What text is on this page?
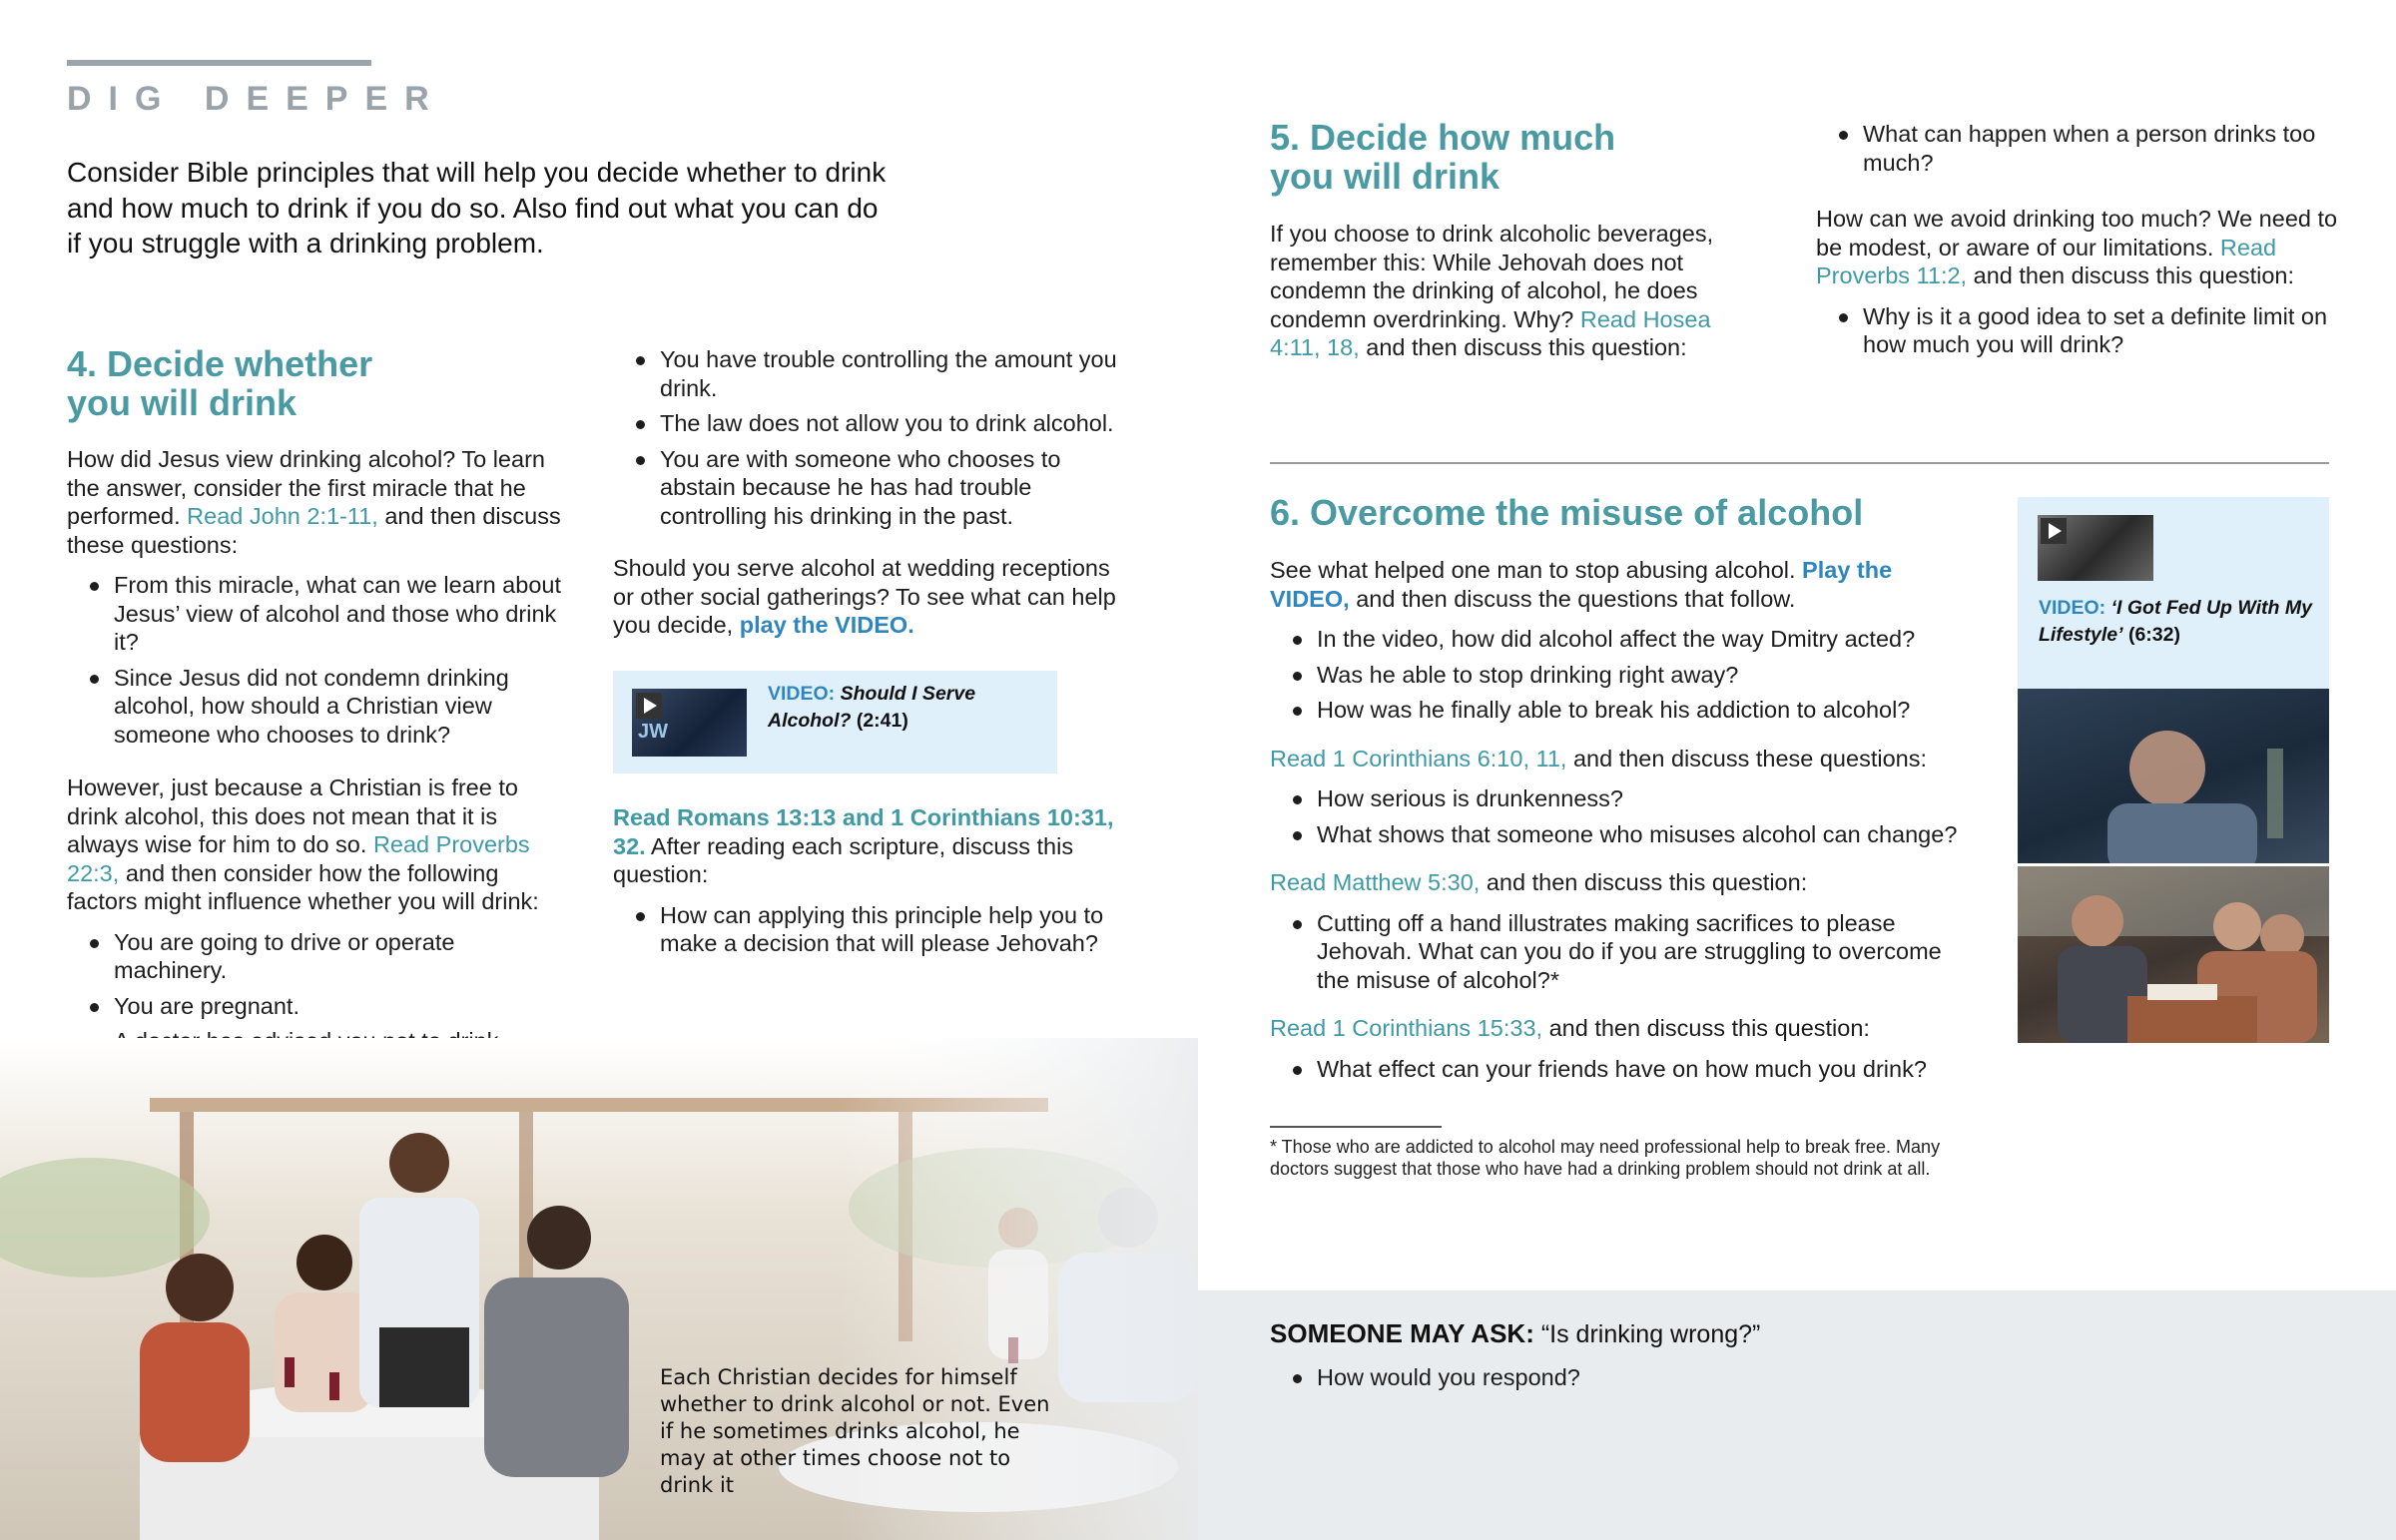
DIG DEEPER
Consider Bible principles that will help you decide whether to drink and how much to drink if you do so. Also find out what you can do if you struggle with a drinking problem.
4. Decide whether
you will drink

How did Jesus view drinking alcohol? To learn the answer, consider the first miracle that he performed. Read John 2:1-11, and then discuss these questions:

From this miracle, what can we learn about Jesus’ view of alcohol and those who drink it?
Since Jesus did not condemn drinking alcohol, how should a Christian view someone who chooses to drink?

However, just because a Christian is free to drink alcohol, this does not mean that it is always wise for him to do so. Read Proverbs 22:3, and then consider how the following factors might influence whether you will drink:

You are going to drive or operate machinery.
You are pregnant.
You have trouble controlling the amount you drink.
The law does not allow you to drink alcohol.
You are with someone who chooses to abstain because he has had trouble controlling his drinking in the past.

Should you serve alcohol at wedding receptions or other social gatherings? To see what can help you decide, play the VIDEO.

JW
VIDEO: Should I Serve Alcohol? (2:41)

Read Romans 13:13 and 1 Corinthians 10:31, 32. After reading each scripture, discuss this question:

How can applying this principle help you to make a decision that will please Jehovah?
Each Christian decides for himself whether to drink alcohol or not. Even if he sometimes drinks alcohol, he may at other times choose not to drink it
5. Decide how much
you will drink

If you choose to drink alcoholic beverages, remember this: While Jehovah does not condemn the drinking of alcohol, he does condemn overdrinking. Why? Read Hosea 4:11, 18, and then discuss this question:

What can happen when a person drinks too much?

How can we avoid drinking too much? We need to be modest, or aware of our limitations. Read Proverbs 11:2, and then discuss this question:

Why is it a good idea to set a definite limit on how much you will drink?
6. Overcome the misuse of alcohol

See what helped one man to stop abusing alcohol. Play the VIDEO, and then discuss the questions that follow.

In the video, how did alcohol affect the way Dmitry acted?
Was he able to stop drinking right away?
How was he finally able to break his addiction to alcohol?

Read 1 Corinthians 6:10, 11, and then discuss these questions:

How serious is drunkenness?
What shows that someone who misuses alcohol can change?

Read Matthew 5:30, and then discuss this question:

Cutting off a hand illustrates making sacrifices to please Jehovah. What can you do if you are struggling to overcome the misuse of alcohol?*

Read 1 Corinthians 15:33, and then discuss this question:

What effect can your friends have on how much you drink?
* Those who are addicted to alcohol may need professional help to break free. Many doctors suggest that those who have had a drinking problem should not drink at all.
VIDEO: ‘I Got Fed Up With My Lifestyle’ (6:32)
SOMEONE MAY ASK: “Is drinking wrong?”
How would you respond?
